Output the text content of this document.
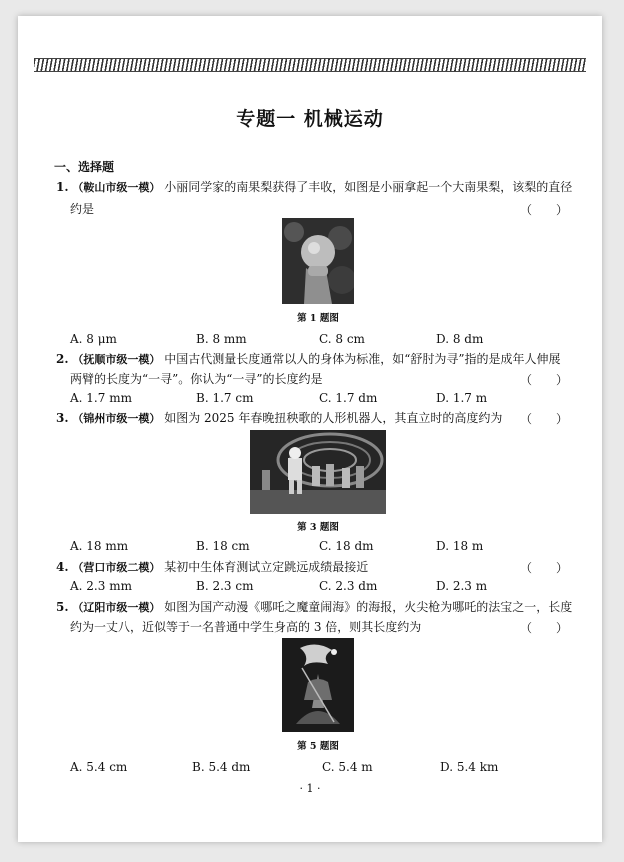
专题一 机械运动
一、选择题
1. （鞍山市级一模） 小丽同学家的南果梨获得了丰收，如图是小丽拿起一个大南果梨，该梨的直径
约是	（　　）
第 1 题图
A. 8 μm	B. 8 mm	C. 8 cm	D. 8 dm
2. （抚顺市级一模） 中国古代测量长度通常以人的身体为标准，如“舒肘为寻”指的是成年人伸展
两臂的长度为“一寻”。你认为“一寻”的长度约是	（　　）
A. 1.7 mm	B. 1.7 cm	C. 1.7 dm	D. 1.7 m
3. （锦州市级一模） 如图为 2025 年春晚扭秧歌的人形机器人，其直立时的高度约为 （　　）
第 3 题图
A. 18 mm	B. 18 cm	C. 18 dm	D. 18 m
4. （营口市级二模） 某初中生体育测试立定跳远成绩最接近	（　　）
A. 2.3 mm	B. 2.3 cm	C. 2.3 dm	D. 2.3 m
5. （辽阳市级一模） 如图为国产动漫《哪吒之魔童闹海》的海报，火尖枪为哪吒的法宝之一，长度
约为一丈八，近似等于一名普通中学生身高的 3 倍，则其长度约为	（　　）
第 5 题图
A. 5.4 cm	B. 5.4 dm	C. 5.4 m	D. 5.4 km
· 1 ·
